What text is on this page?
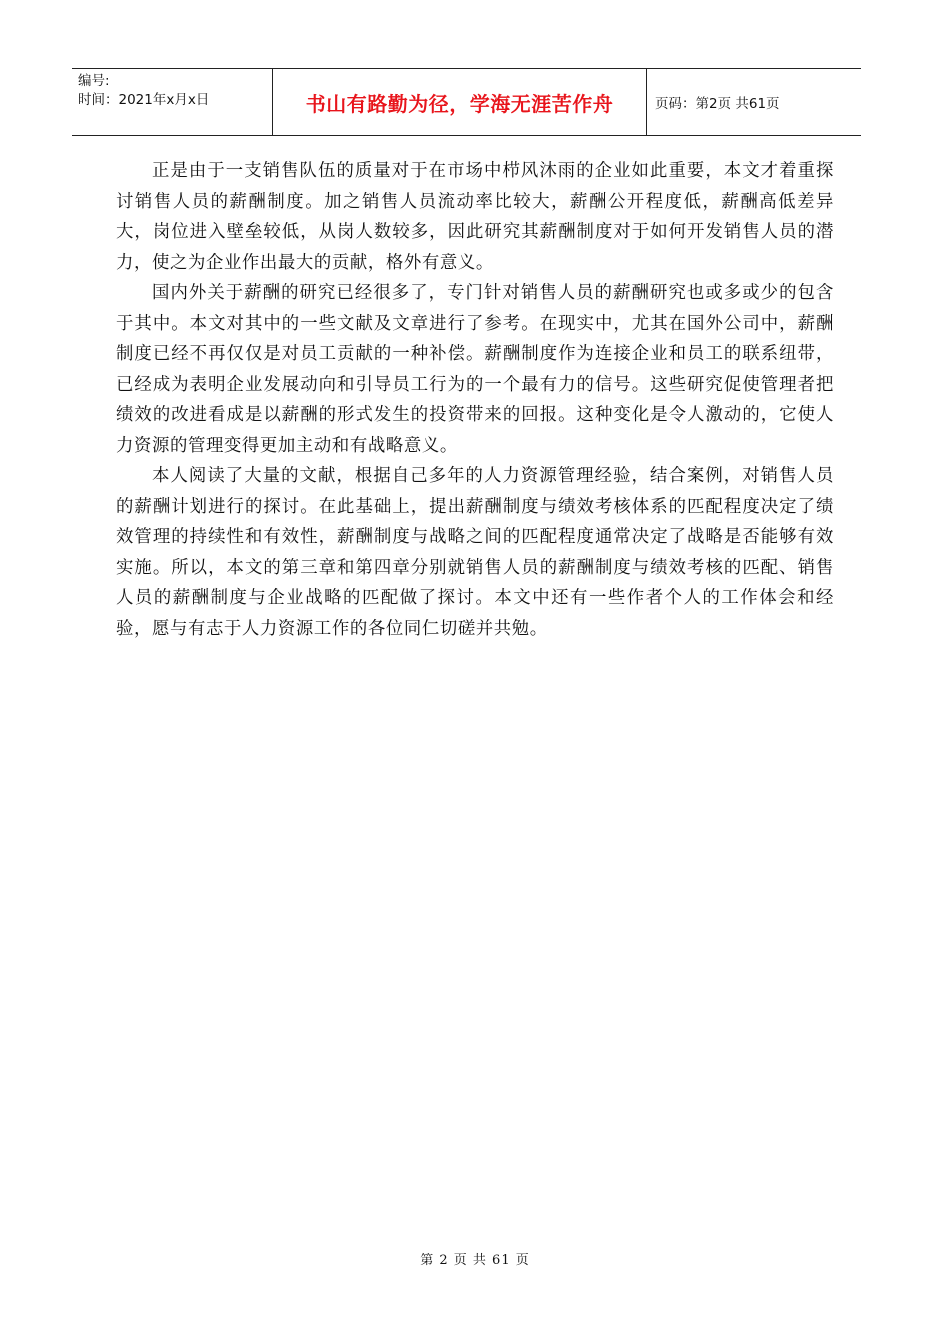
编号:
时间：2021年x月x日	书山有路勤为径，学海无涯苦作舟	页码：第2页 共61页

正是由于一支销售队伍的质量对于在市场中栉风沐雨的企业如此重要，本文才着重探讨销售人员的薪酬制度。加之销售人员流动率比较大，薪酬公开程度低，薪酬高低差异大，岗位进入壁垒较低，从岗人数较多，因此研究其薪酬制度对于如何开发销售人员的潜力，使之为企业作出最大的贡献，格外有意义。

国内外关于薪酬的研究已经很多了，专门针对销售人员的薪酬研究也或多或少的包含于其中。本文对其中的一些文献及文章进行了参考。在现实中，尤其在国外公司中，薪酬制度已经不再仅仅是对员工贡献的一种补偿。薪酬制度作为连接企业和员工的联系纽带，已经成为表明企业发展动向和引导员工行为的一个最有力的信号。这些研究促使管理者把绩效的改进看成是以薪酬的形式发生的投资带来的回报。这种变化是令人激动的，它使人力资源的管理变得更加主动和有战略意义。

本人阅读了大量的文献，根据自己多年的人力资源管理经验，结合案例，对销售人员的薪酬计划进行的探讨。在此基础上，提出薪酬制度与绩效考核体系的匹配程度决定了绩效管理的持续性和有效性，薪酬制度与战略之间的匹配程度通常决定了战略是否能够有效实施。所以，本文的第三章和第四章分别就销售人员的薪酬制度与绩效考核的匹配、销售人员的薪酬制度与企业战略的匹配做了探讨。本文中还有一些作者个人的工作体会和经验，愿与有志于人力资源工作的各位同仁切磋并共勉。

第 2 页 共 61 页
